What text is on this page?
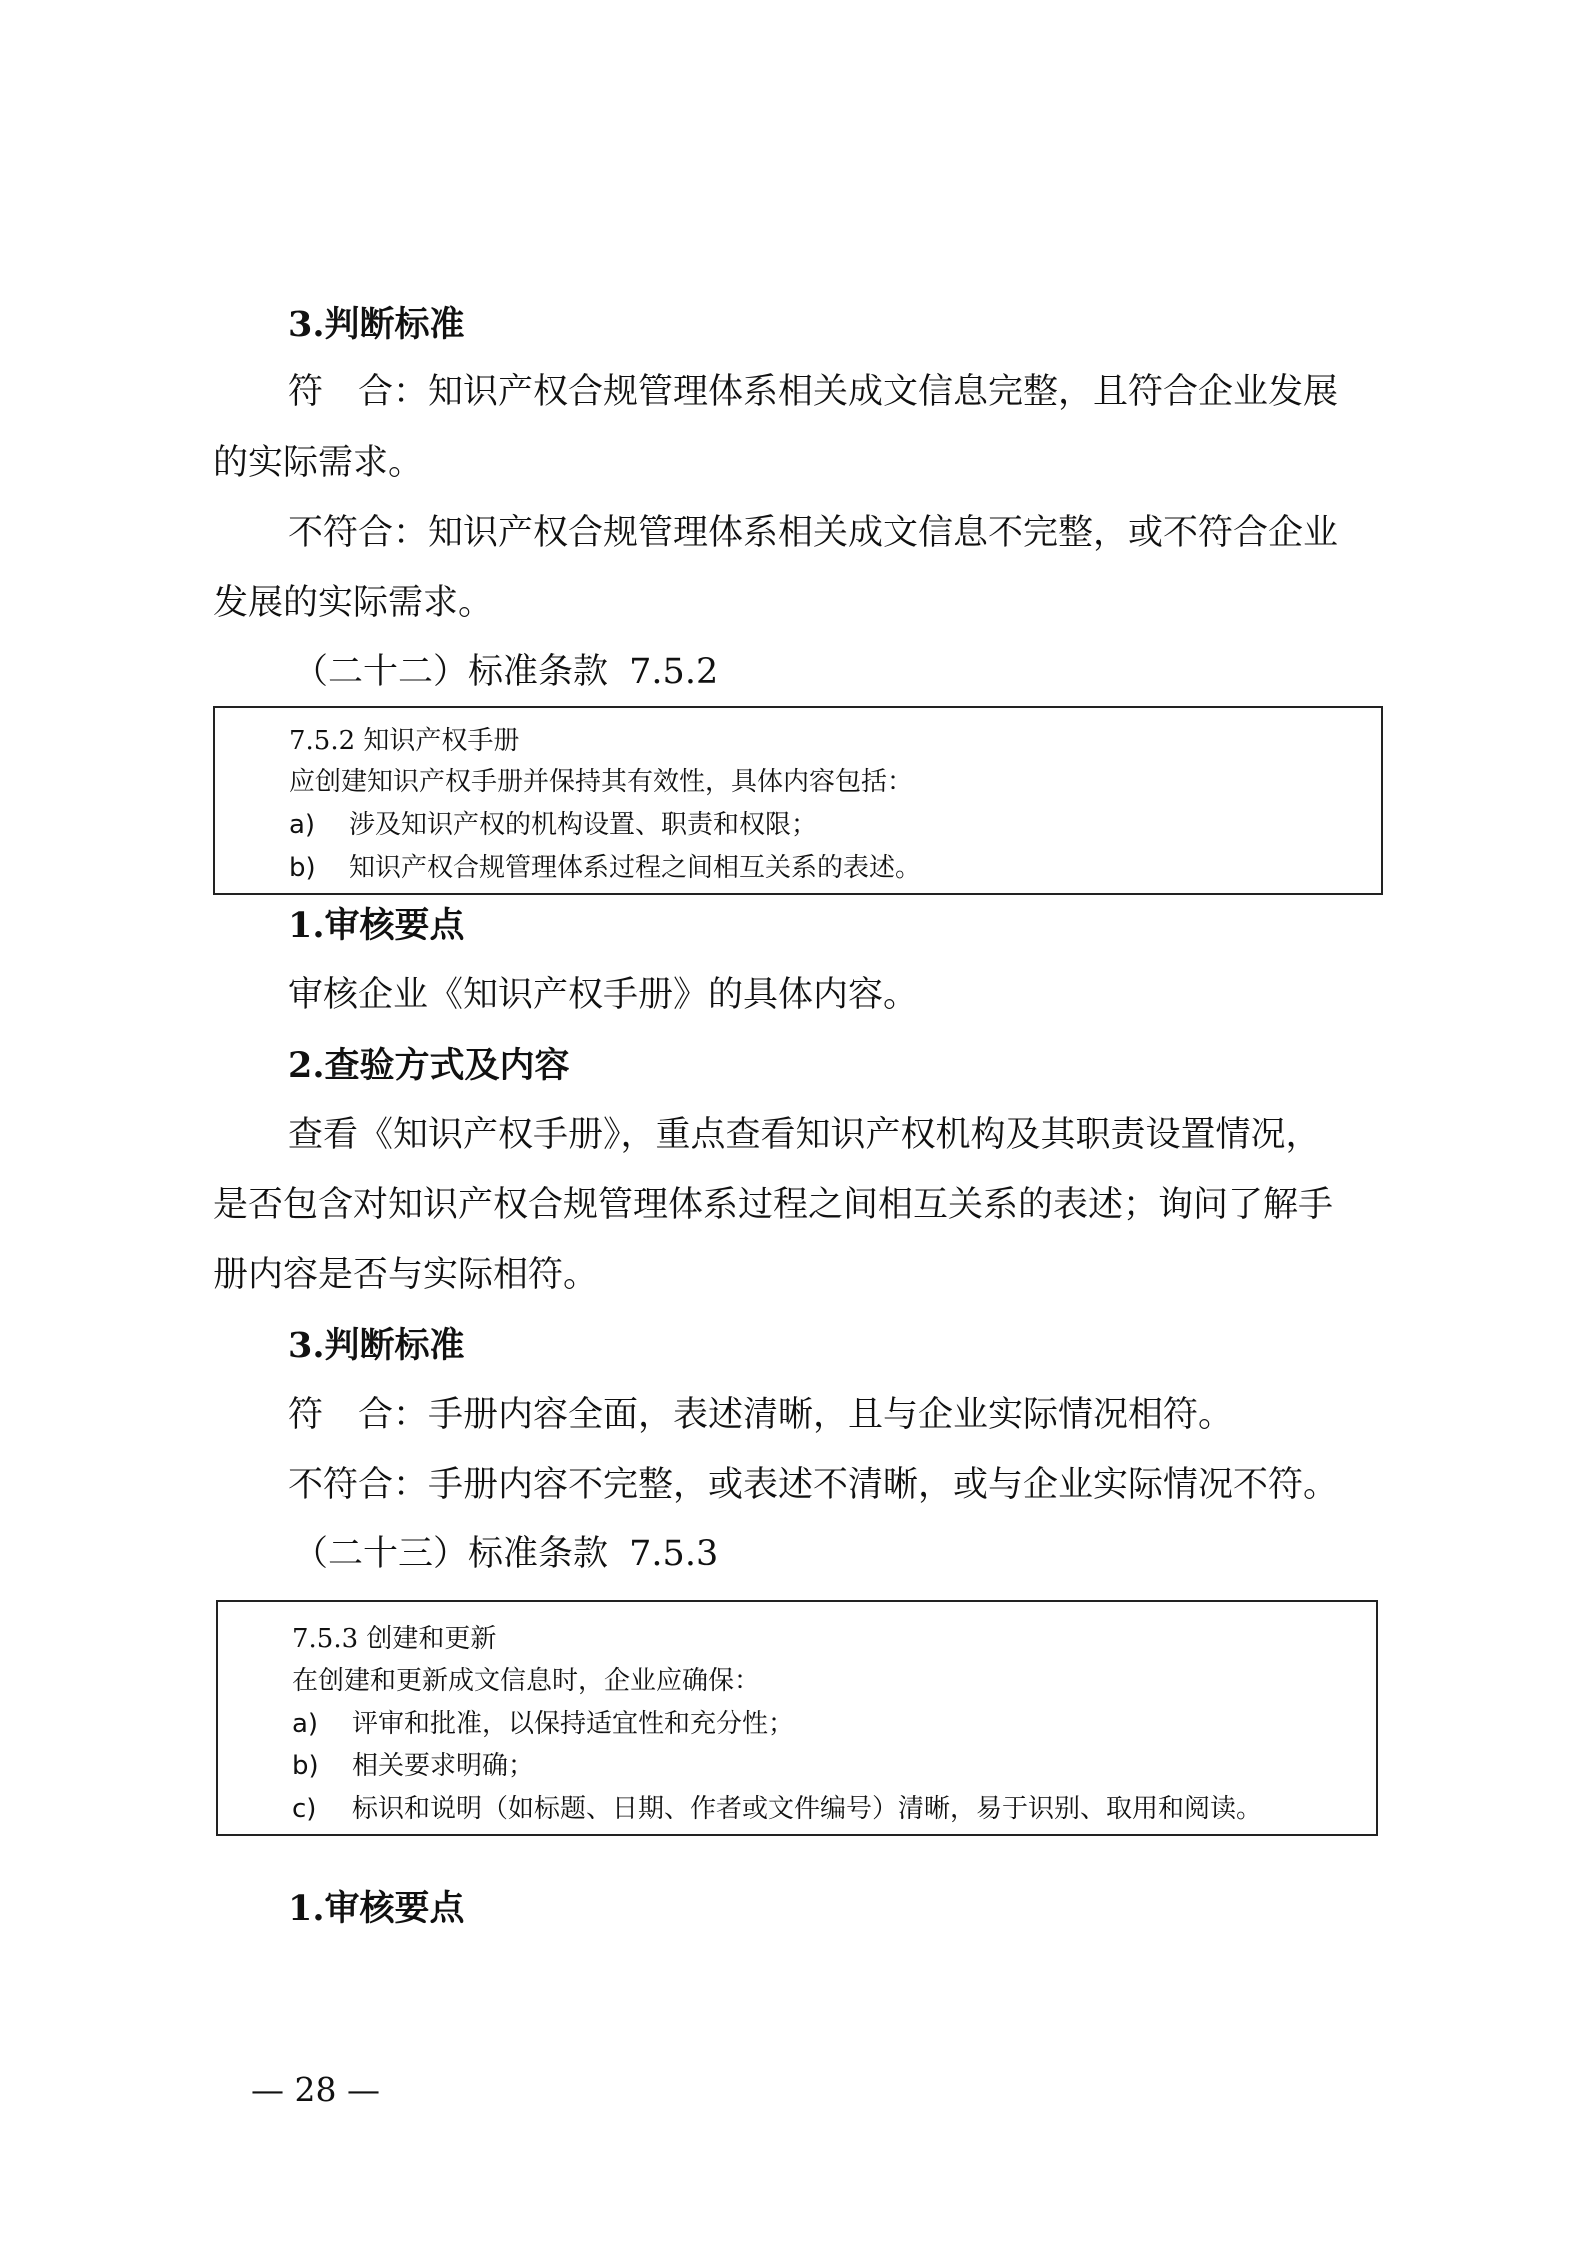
3.判断标准
符　合：知识产权合规管理体系相关成文信息完整，且符合企业发展
的实际需求。
不符合：知识产权合规管理体系相关成文信息不完整，或不符合企业
发展的实际需求。
（二十二）标准条款 7.5.2
7.5.2 知识产权手册
应创建知识产权手册并保持其有效性，具体内容包括：
a) 涉及知识产权的机构设置、职责和权限；
b) 知识产权合规管理体系过程之间相互关系的表述。
1.审核要点
审核企业《知识产权手册》的具体内容。
2.查验方式及内容
查看《知识产权手册》，重点查看知识产权机构及其职责设置情况，
是否包含对知识产权合规管理体系过程之间相互关系的表述；询问了解手
册内容是否与实际相符。
3.判断标准
符　合：手册内容全面，表述清晰，且与企业实际情况相符。
不符合：手册内容不完整，或表述不清晰，或与企业实际情况不符。
（二十三）标准条款 7.5.3
7.5.3 创建和更新
在创建和更新成文信息时，企业应确保：
a) 评审和批准，以保持适宜性和充分性；
b) 相关要求明确；
c) 标识和说明（如标题、日期、作者或文件编号）清晰，易于识别、取用和阅读。
1.审核要点
— 28 —
